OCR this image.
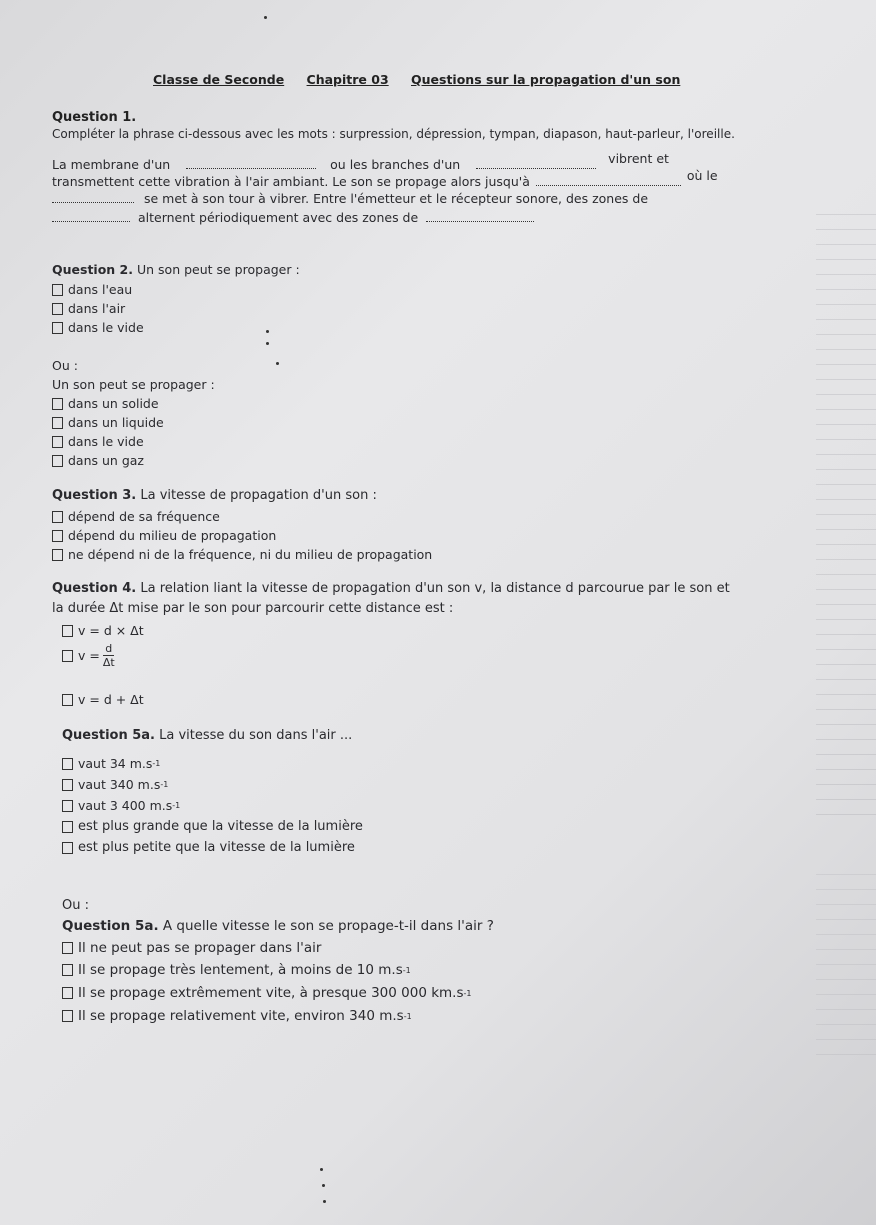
Classe de Seconde Chapitre 03 Questions sur la propagation d'un son
Question 1.
Compléter la phrase ci-dessous avec les mots : surpression, dépression, tympan, diapason, haut-parleur, l'oreille.
La membrane d'un	ou les branches d'un	vibrent et
transmettent cette vibration à l'air ambiant. Le son se propage alors jusqu'à	où le
se met à son tour à vibrer. Entre l'émetteur et le récepteur sonore, des zones de
alternent périodiquement avec des zones de
Question 2. Un son peut se propager :
dans l'eau
dans l'air
dans le vide
Ou :
Un son peut se propager :
dans un solide
dans un liquide
dans le vide
dans un gaz
Question 3. La vitesse de propagation d'un son :
dépend de sa fréquence
dépend du milieu de propagation
ne dépend ni de la fréquence, ni du milieu de propagation
Question 4. La relation liant la vitesse de propagation d'un son v, la distance d parcourue par le son et
la durée Δt mise par le son pour parcourir cette distance est :
v = d × Δt
$v = \frac{d}{\Delta t}$
v = d + Δt
Question 5a. La vitesse du son dans l'air ...
vaut 34 m.s -1
vaut 340 m.s -1
vaut 3 400 m.s -1
est plus grande que la vitesse de la lumière
est plus petite que la vitesse de la lumière
Ou :
Question 5a. A quelle vitesse le son se propage-t-il dans l'air ?
Il ne peut pas se propager dans l'air
Il se propage très lentement, à moins de 10 m.s -1
Il se propage extrêmement vite, à presque 300 000 km.s -1
Il se propage relativement vite, environ 340 m.s -1
